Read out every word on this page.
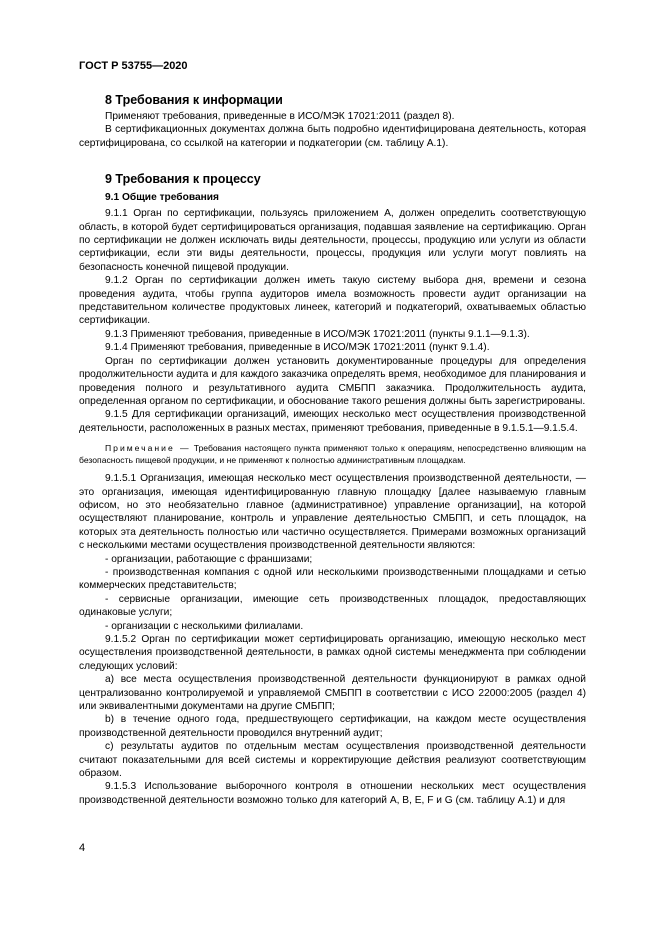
ГОСТ Р 53755—2020
8 Требования к информации

Применяют требования, приведенные в ИСО/МЭК 17021:2011 (раздел 8).

В сертификационных документах должна быть подробно идентифицирована деятельность, которая сертифицирована, со ссылкой на категории и подкатегории (см. таблицу А.1).

9 Требования к процессу
9.1 Общие требования

9.1.1 Орган по сертификации, пользуясь приложением А, должен определить соответствующую область, в которой будет сертифицироваться организация, подавшая заявление на сертификацию. Орган по сертификации не должен исключать виды деятельности, процессы, продукцию или услуги из области сертификации, если эти виды деятельности, процессы, продукция или услуги могут повлиять на безопасность конечной пищевой продукции.

9.1.2 Орган по сертификации должен иметь такую систему выбора дня, времени и сезона проведения аудита, чтобы группа аудиторов имела возможность провести аудит организации на представительном количестве продуктовых линеек, категорий и подкатегорий, охватываемых областью сертификации.

9.1.3 Применяют требования, приведенные в ИСО/МЭК 17021:2011 (пункты 9.1.1—9.1.3).

9.1.4 Применяют требования, приведенные в ИСО/МЭК 17021:2011 (пункт 9.1.4).

Орган по сертификации должен установить документированные процедуры для определения продолжительности аудита и для каждого заказчика определять время, необходимое для планирования и проведения полного и результативного аудита СМБПП заказчика. Продолжительность аудита, определенная органом по сертификации, и обоснование такого решения должны быть зарегистрированы.

9.1.5 Для сертификации организаций, имеющих несколько мест осуществления производственной деятельности, расположенных в разных местах, применяют требования, приведенные в 9.1.5.1—9.1.5.4.

Примечание — Требования настоящего пункта применяют только к операциям, непосредственно влияющим на безопасность пищевой продукции, и не применяют к полностью административным площадкам.

9.1.5.1 Организация, имеющая несколько мест осуществления производственной деятельности, — это организация, имеющая идентифицированную главную площадку [далее называемую главным офисом, но это необязательно главное (административное) управление организации], на которой осуществляют планирование, контроль и управление деятельностью СМБПП, и сеть площадок, на которых эта деятельность полностью или частично осуществляется. Примерами возможных организаций с несколькими местами осуществления производственной деятельности являются:

- организации, работающие с франшизами;

- производственная компания с одной или несколькими производственными площадками и сетью коммерческих представительств;

- сервисные организации, имеющие сеть производственных площадок, предоставляющих одинаковые услуги;

- организации с несколькими филиалами.

9.1.5.2 Орган по сертификации может сертифицировать организацию, имеющую несколько мест осуществления производственной деятельности, в рамках одной системы менеджмента при соблюдении следующих условий:

a) все места осуществления производственной деятельности функционируют в рамках одной централизованно контролируемой и управляемой СМБПП в соответствии с ИСО 22000:2005 (раздел 4) или эквивалентными документами на другие СМБПП;

b) в течение одного года, предшествующего сертификации, на каждом месте осуществления производственной деятельности проводился внутренний аудит;

c) результаты аудитов по отдельным местам осуществления производственной деятельности считают показательными для всей системы и корректирующие действия реализуют соответствующим образом.

9.1.5.3 Использование выборочного контроля в отношении нескольких мест осуществления производственной деятельности возможно только для категорий A, B, E, F и G (см. таблицу А.1) и для

4
